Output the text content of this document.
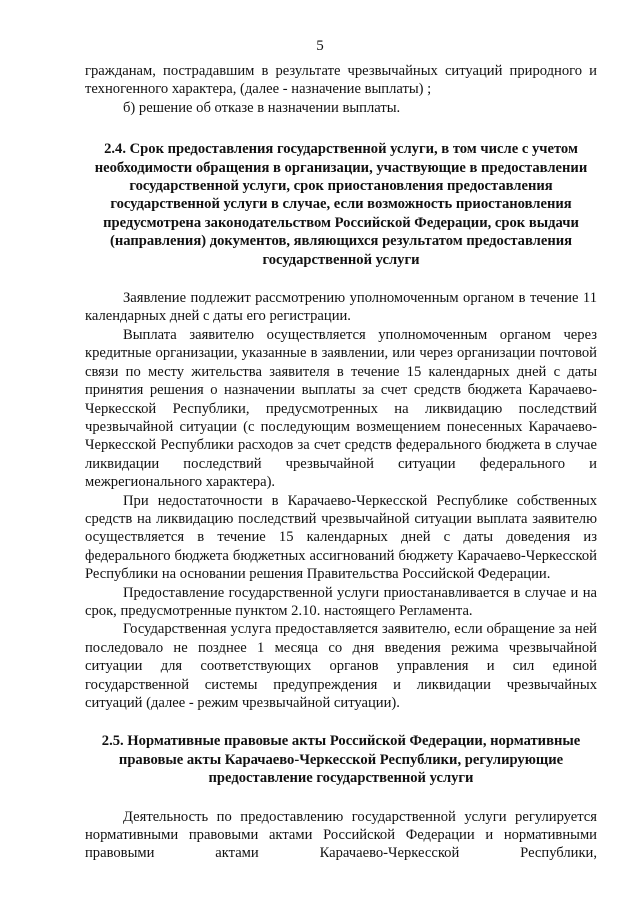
5

гражданам, пострадавшим в результате чрезвычайных ситуаций природного и техногенного характера, (далее - назначение выплаты) ;

б) решение об отказе в назначении выплаты.

2.4. Срок предоставления государственной услуги, в том числе с учетом необходимости обращения в организации, участвующие в предоставлении государственной услуги, срок приостановления предоставления государственной услуги в случае, если возможность приостановления предусмотрена законодательством Российской Федерации, срок выдачи (направления) документов, являющихся результатом предоставления государственной услуги

Заявление подлежит рассмотрению уполномоченным органом в течение 11 календарных дней с даты его регистрации.

Выплата заявителю осуществляется уполномоченным органом через кредитные организации, указанные в заявлении, или через организации почтовой связи по месту жительства заявителя в течение 15 календарных дней с даты принятия решения о назначении выплаты за счет средств бюджета Карачаево-Черкесской Республики, предусмотренных на ликвидацию последствий чрезвычайной ситуации (с последующим возмещением понесенных Карачаево-Черкесской Республики расходов за счет средств федерального бюджета в случае ликвидации последствий чрезвычайной ситуации федерального и межрегионального характера).

При недостаточности в Карачаево-Черкесской Республике собственных средств на ликвидацию последствий чрезвычайной ситуации выплата заявителю осуществляется в течение 15 календарных дней с даты доведения из федерального бюджета бюджетных ассигнований бюджету Карачаево-Черкесской Республики на основании решения Правительства Российской Федерации.

Предоставление государственной услуги приостанавливается в случае и на срок, предусмотренные пунктом 2.10. настоящего Регламента.

Государственная услуга предоставляется заявителю, если обращение за ней последовало не позднее 1 месяца со дня введения режима чрезвычайной ситуации для соответствующих органов управления и сил единой государственной системы предупреждения и ликвидации чрезвычайных ситуаций (далее - режим чрезвычайной ситуации).

2.5. Нормативные правовые акты Российской Федерации, нормативные правовые акты Карачаево-Черкесской Республики, регулирующие предоставление государственной услуги

Деятельность по предоставлению государственной услуги регулируется нормативными правовыми актами Российской Федерации и нормативными правовыми актами Карачаево-Черкесской Республики,
